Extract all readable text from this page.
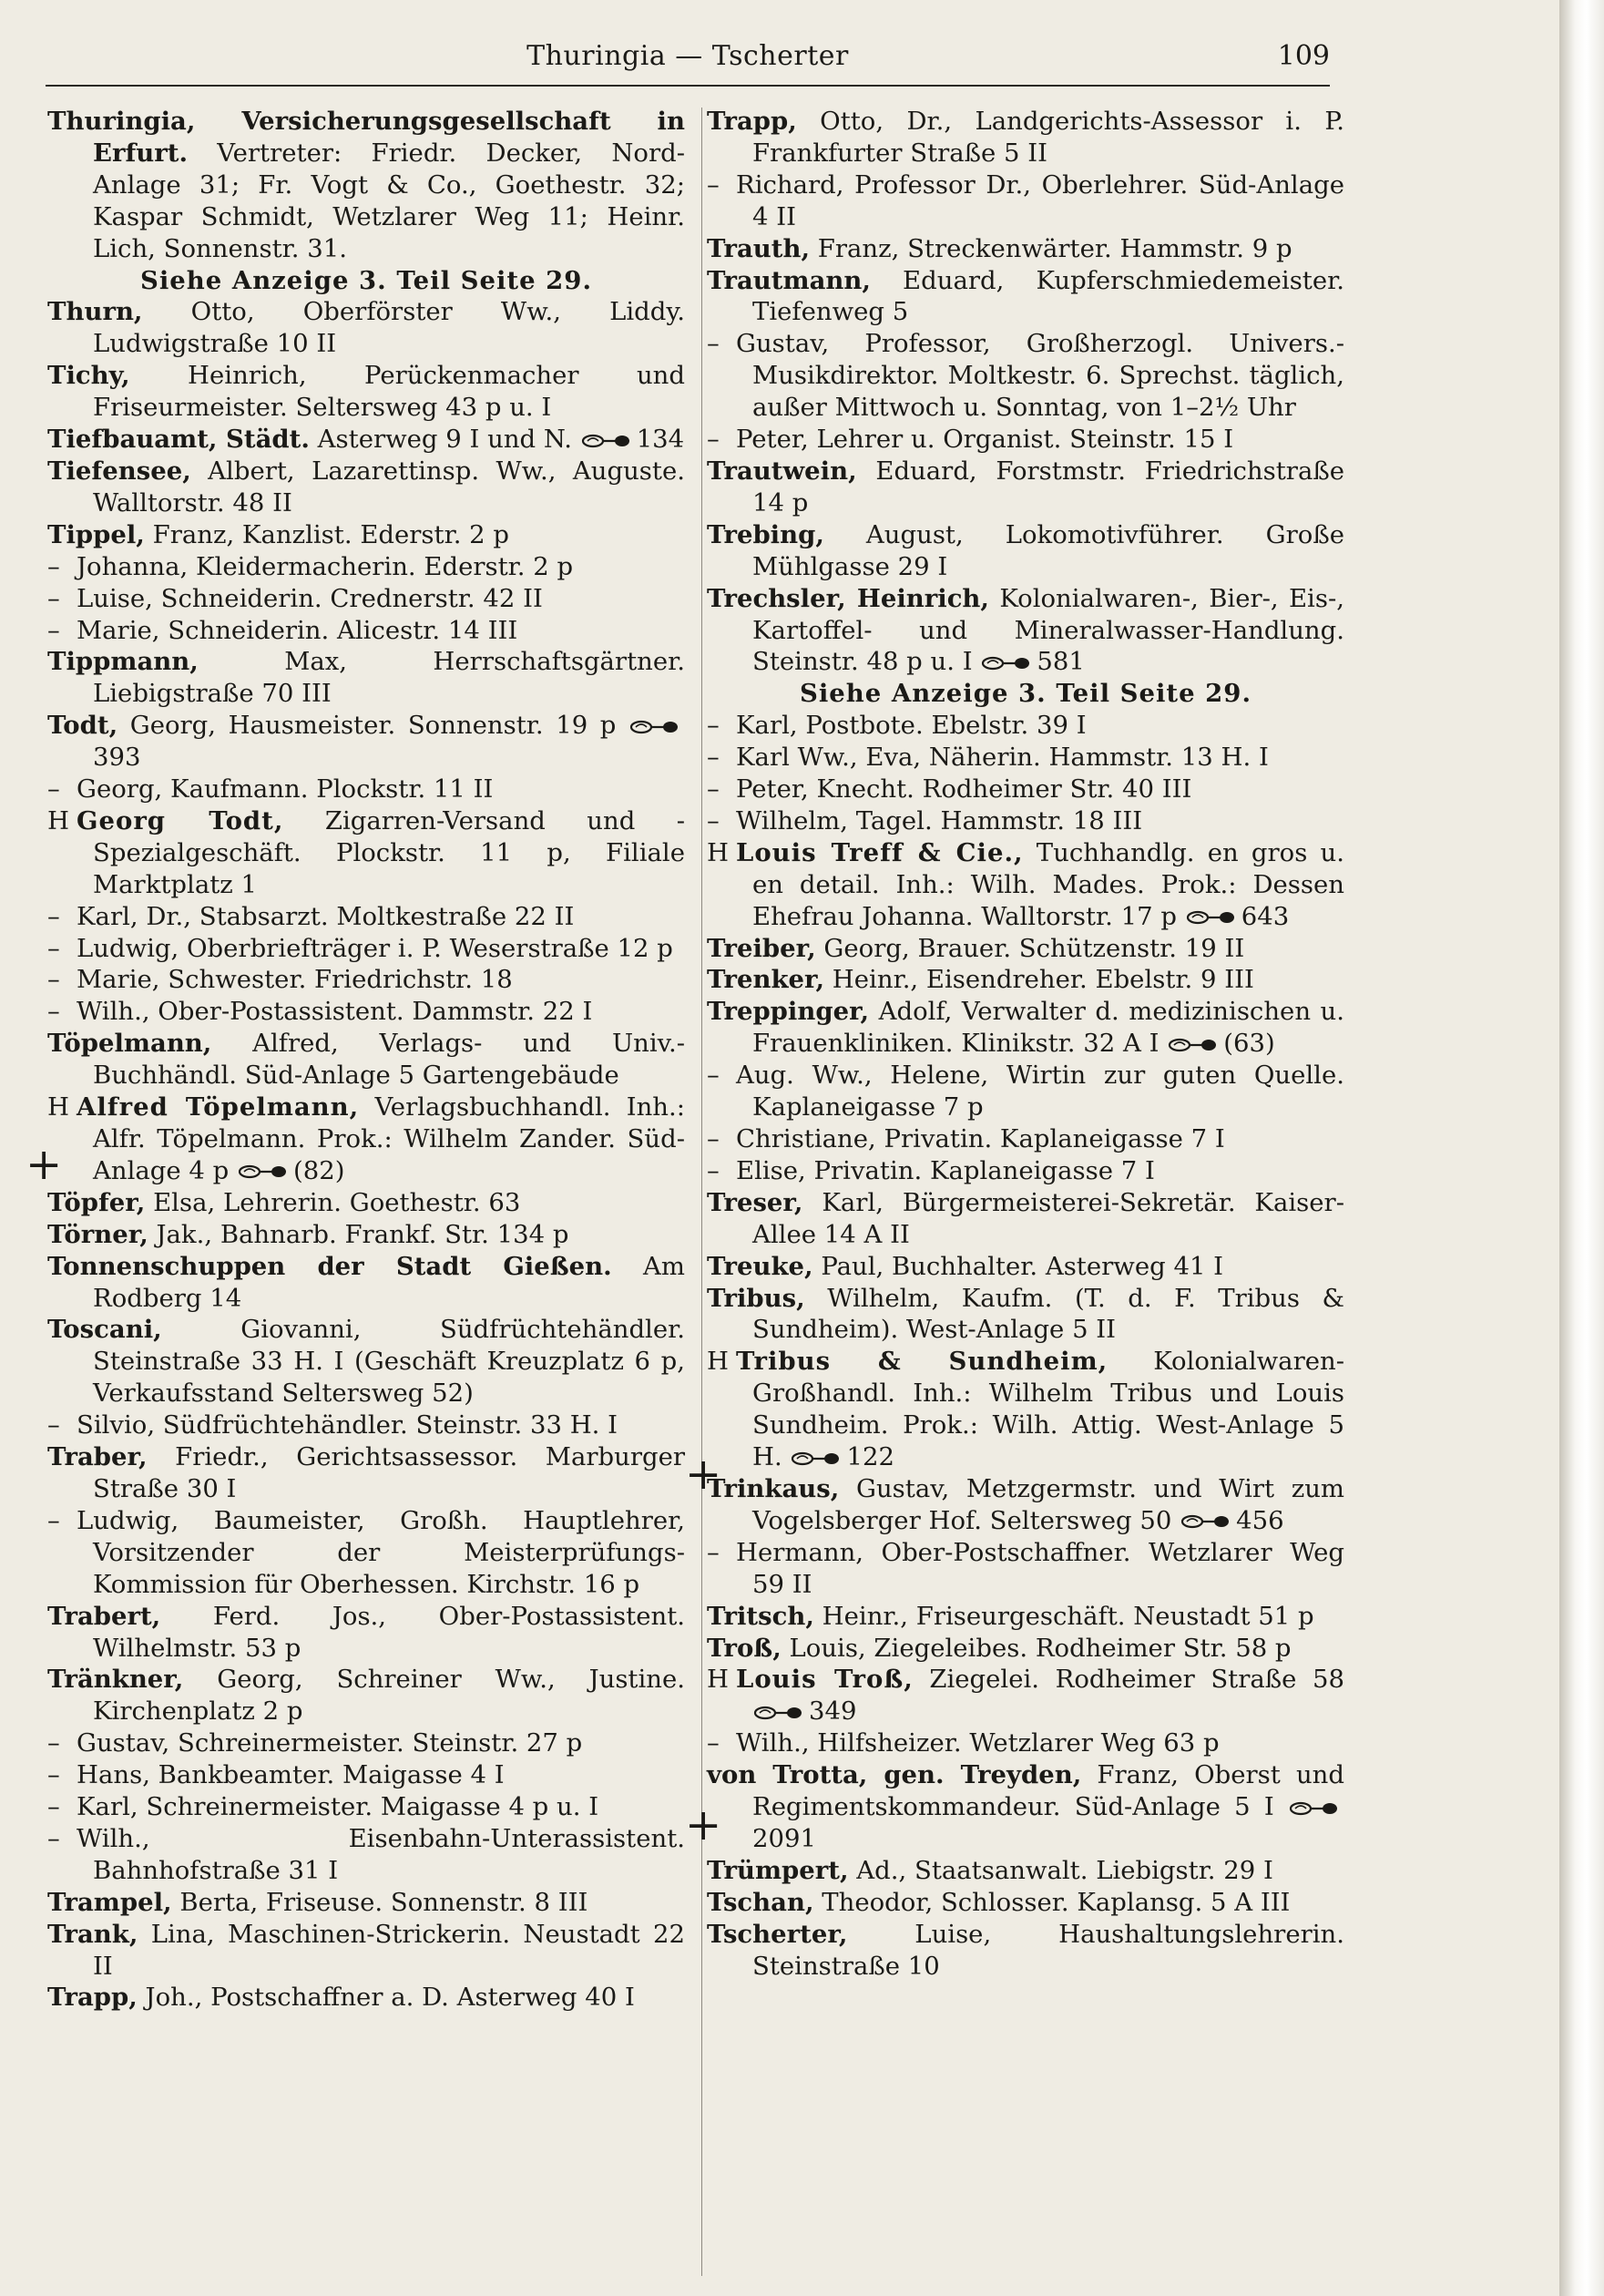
Thuringia — Tscherter	109

Thuringia, Versicherungsgesellschaft in Erfurt. Vertreter: Friedr. Decker, Nord-Anlage 31; Fr. Vogt & Co., Goethestr. 32; Kaspar Schmidt, Wetzlarer Weg 11; Heinr. Lich, Sonnenstr. 31.

Siehe Anzeige 3. Teil Seite 29.

Thurn, Otto, Oberförster Ww., Liddy. Ludwigstraße 10 II

Tichy, Heinrich, Perückenmacher und Friseurmeister. Seltersweg 43 p u. I

Tiefbauamt, Städt. Asterweg 9 I und N.	134

Tiefensee, Albert, Lazarettinsp. Ww., Auguste. Walltorstr. 48 II

Tippel, Franz, Kanzlist. Ederstr. 2 p

– Johanna, Kleidermacherin. Ederstr. 2 p

– Luise, Schneiderin. Crednerstr. 42 II

– Marie, Schneiderin. Alicestr. 14 III

Tippmann, Max, Herrschaftsgärtner. Liebigstraße 70 III

Todt, Georg, Hausmeister. Sonnenstr. 19 p
393

– Georg, Kaufmann. Plockstr. 11 II

H Georg Todt, Zigarren-Versand und -Spezialgeschäft. Plockstr. 11 p, Filiale Marktplatz 1

– Karl, Dr., Stabsarzt. Moltkestraße 22 II

– Ludwig, Oberbriefträger i. P. Weserstraße 12 p

– Marie, Schwester. Friedrichstr. 18

– Wilh., Ober-Postassistent. Dammstr. 22 I

Töpelmann, Alfred, Verlags- und Univ.-Buchhändl. Süd-Anlage 5 Gartengebäude

H Alfred Töpelmann, Verlagsbuchhandl. Inh.: Alfr. Töpelmann. Prok.: Wilhelm Zander. Süd-Anlage 4 p	(82)

Töpfer, Elsa, Lehrerin. Goethestr. 63

Törner, Jak., Bahnarb. Frankf. Str. 134 p

Tonnenschuppen der Stadt Gießen. Am Rodberg 14

Toscani, Giovanni, Südfrüchtehändler. Steinstraße 33 H. I (Geschäft Kreuzplatz 6 p, Verkaufsstand Seltersweg 52)

– Silvio, Südfrüchtehändler. Steinstr. 33 H. I

Traber, Friedr., Gerichtsassessor. Marburger Straße 30 I

– Ludwig, Baumeister, Großh. Hauptlehrer, Vorsitzender der Meisterprüfungs-Kommission für Oberhessen. Kirchstr. 16 p

Trabert, Ferd. Jos., Ober-Postassistent. Wilhelmstr. 53 p

Tränkner, Georg, Schreiner Ww., Justine. Kirchenplatz 2 p

– Gustav, Schreinermeister. Steinstr. 27 p

– Hans, Bankbeamter. Maigasse 4 I

– Karl, Schreinermeister. Maigasse 4 p u. I

– Wilh., Eisenbahn-Unterassistent. Bahnhofstraße 31 I

Trampel, Berta, Friseuse. Sonnenstr. 8 III

Trank, Lina, Maschinen-Strickerin. Neustadt 22 II

Trapp, Joh., Postschaffner a. D. Asterweg 40 I

Trapp, Otto, Dr., Landgerichts-Assessor i. P. Frankfurter Straße 5 II

– Richard, Professor Dr., Oberlehrer. Süd-Anlage 4 II

Trauth, Franz, Streckenwärter. Hammstr. 9 p

Trautmann, Eduard, Kupferschmiedemeister. Tiefenweg 5

– Gustav, Professor, Großherzogl. Univers.-Musikdirektor. Moltkestr. 6. Sprechst. täglich, außer Mittwoch u. Sonntag, von 1–2½ Uhr

– Peter, Lehrer u. Organist. Steinstr. 15 I

Trautwein, Eduard, Forstmstr. Friedrichstraße 14 p

Trebing, August, Lokomotivführer. Große Mühlgasse 29 I

Trechsler, Heinrich, Kolonialwaren-, Bier-, Eis-, Kartoffel- und Mineralwasser-Handlung. Steinstr. 48 p u. I	581

Siehe Anzeige 3. Teil Seite 29.

– Karl, Postbote. Ebelstr. 39 I

– Karl Ww., Eva, Näherin. Hammstr. 13 H. I

– Peter, Knecht. Rodheimer Str. 40 III

– Wilhelm, Tagel. Hammstr. 18 III

H Louis Treff & Cie., Tuchhandlg. en gros u. en detail. Inh.: Wilh. Mades. Prok.: Dessen Ehefrau Johanna. Walltorstr. 17 p	643

Treiber, Georg, Brauer. Schützenstr. 19 II

Trenker, Heinr., Eisendreher. Ebelstr. 9 III

Treppinger, Adolf, Verwalter d. medizinischen u. Frauenkliniken. Klinikstr. 32 A I	(63)

– Aug. Ww., Helene, Wirtin zur guten Quelle. Kaplaneigasse 7 p

– Christiane, Privatin. Kaplaneigasse 7 I

– Elise, Privatin. Kaplaneigasse 7 I

Treser, Karl, Bürgermeisterei-Sekretär. Kaiser-Allee 14 A II

Treuke, Paul, Buchhalter. Asterweg 41 I

Tribus, Wilhelm, Kaufm. (T. d. F. Tribus & Sundheim). West-Anlage 5 II

H Tribus & Sundheim, Kolonialwaren-Großhandl. Inh.: Wilhelm Tribus und Louis Sundheim. Prok.: Wilh. Attig. West-Anlage 5 H.	122

Trinkaus, Gustav, Metzgermstr. und Wirt zum Vogelsberger Hof. Seltersweg 50	456

– Hermann, Ober-Postschaffner. Wetzlarer Weg 59 II

Tritsch, Heinr., Friseurgeschäft. Neustadt 51 p

Troß, Louis, Ziegeleibes. Rodheimer Str. 58 p

H Louis Troß, Ziegelei. Rodheimer Straße 58
349

– Wilh., Hilfsheizer. Wetzlarer Weg 63 p

von Trotta, gen. Treyden, Franz, Oberst und Regimentskommandeur. Süd-Anlage 5 I
2091

Trümpert, Ad., Staatsanwalt. Liebigstr. 29 I

Tschan, Theodor, Schlosser. Kaplansg. 5 A III

Tscherter, Luise, Haushaltungslehrerin. Steinstraße 10

+
+
+
